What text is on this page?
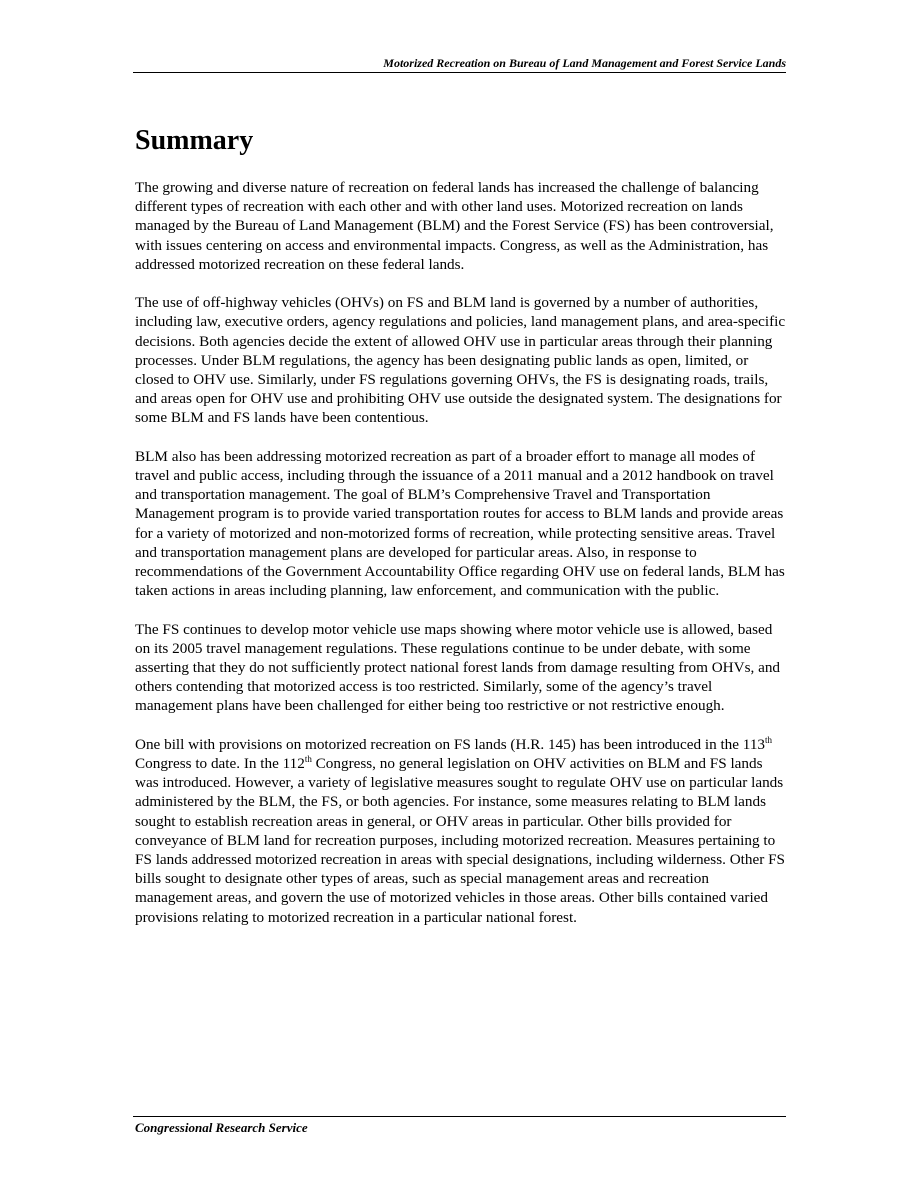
Motorized Recreation on Bureau of Land Management and Forest Service Lands
Summary

The growing and diverse nature of recreation on federal lands has increased the challenge of balancing different types of recreation with each other and with other land uses. Motorized recreation on lands managed by the Bureau of Land Management (BLM) and the Forest Service (FS) has been controversial, with issues centering on access and environmental impacts. Congress, as well as the Administration, has addressed motorized recreation on these federal lands.

The use of off-highway vehicles (OHVs) on FS and BLM land is governed by a number of authorities, including law, executive orders, agency regulations and policies, land management plans, and area-specific decisions. Both agencies decide the extent of allowed OHV use in particular areas through their planning processes. Under BLM regulations, the agency has been designating public lands as open, limited, or closed to OHV use. Similarly, under FS regulations governing OHVs, the FS is designating roads, trails, and areas open for OHV use and prohibiting OHV use outside the designated system. The designations for some BLM and FS lands have been contentious.

BLM also has been addressing motorized recreation as part of a broader effort to manage all modes of travel and public access, including through the issuance of a 2011 manual and a 2012 handbook on travel and transportation management. The goal of BLM’s Comprehensive Travel and Transportation Management program is to provide varied transportation routes for access to BLM lands and provide areas for a variety of motorized and non-motorized forms of recreation, while protecting sensitive areas. Travel and transportation management plans are developed for particular areas. Also, in response to recommendations of the Government Accountability Office regarding OHV use on federal lands, BLM has taken actions in areas including planning, law enforcement, and communication with the public.

The FS continues to develop motor vehicle use maps showing where motor vehicle use is allowed, based on its 2005 travel management regulations. These regulations continue to be under debate, with some asserting that they do not sufficiently protect national forest lands from damage resulting from OHVs, and others contending that motorized access is too restricted. Similarly, some of the agency’s travel management plans have been challenged for either being too restrictive or not restrictive enough.

One bill with provisions on motorized recreation on FS lands (H.R. 145) has been introduced in the 113th Congress to date. In the 112th Congress, no general legislation on OHV activities on BLM and FS lands was introduced. However, a variety of legislative measures sought to regulate OHV use on particular lands administered by the BLM, the FS, or both agencies. For instance, some measures relating to BLM lands sought to establish recreation areas in general, or OHV areas in particular. Other bills provided for conveyance of BLM land for recreation purposes, including motorized recreation. Measures pertaining to FS lands addressed motorized recreation in areas with special designations, including wilderness. Other FS bills sought to designate other types of areas, such as special management areas and recreation management areas, and govern the use of motorized vehicles in those areas. Other bills contained varied provisions relating to motorized recreation in a particular national forest.

Congressional Research Service
